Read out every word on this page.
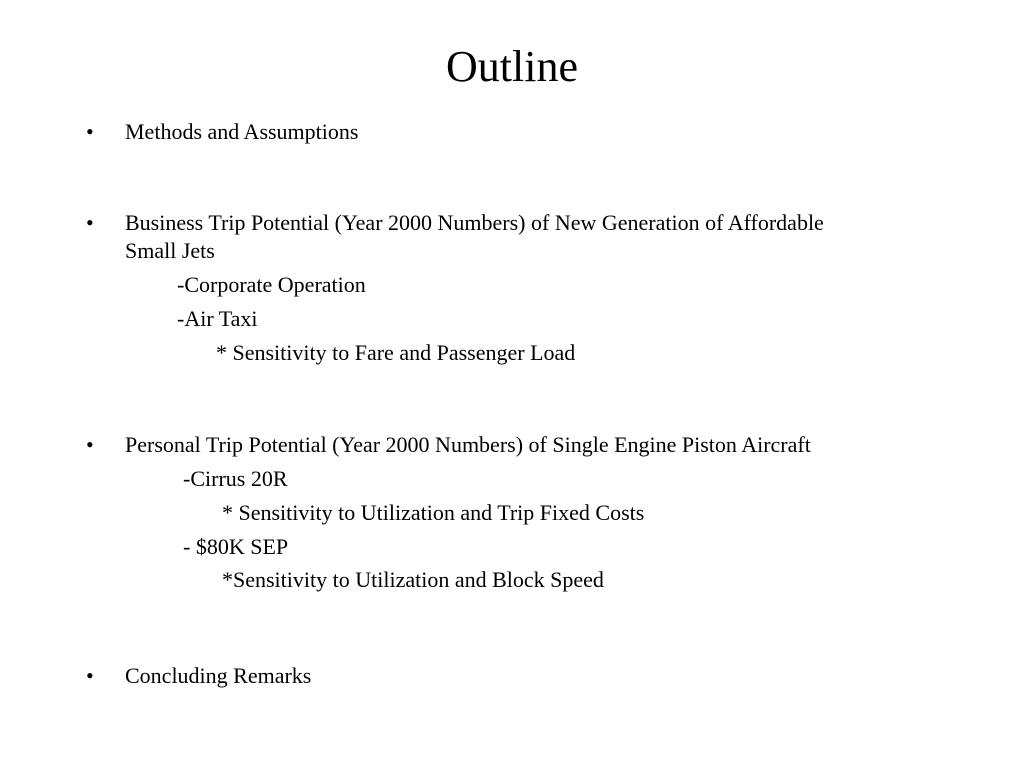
Outline
• Methods and Assumptions
• Business Trip Potential (Year 2000 Numbers) of New Generation of Affordable
Small Jets
-Corporate Operation
-Air Taxi
* Sensitivity to Fare and Passenger Load
• Personal Trip Potential (Year 2000 Numbers) of Single Engine Piston Aircraft
-Cirrus 20R
* Sensitivity to Utilization and Trip Fixed Costs
- $80K SEP
*Sensitivity to Utilization and Block Speed
• Concluding Remarks
